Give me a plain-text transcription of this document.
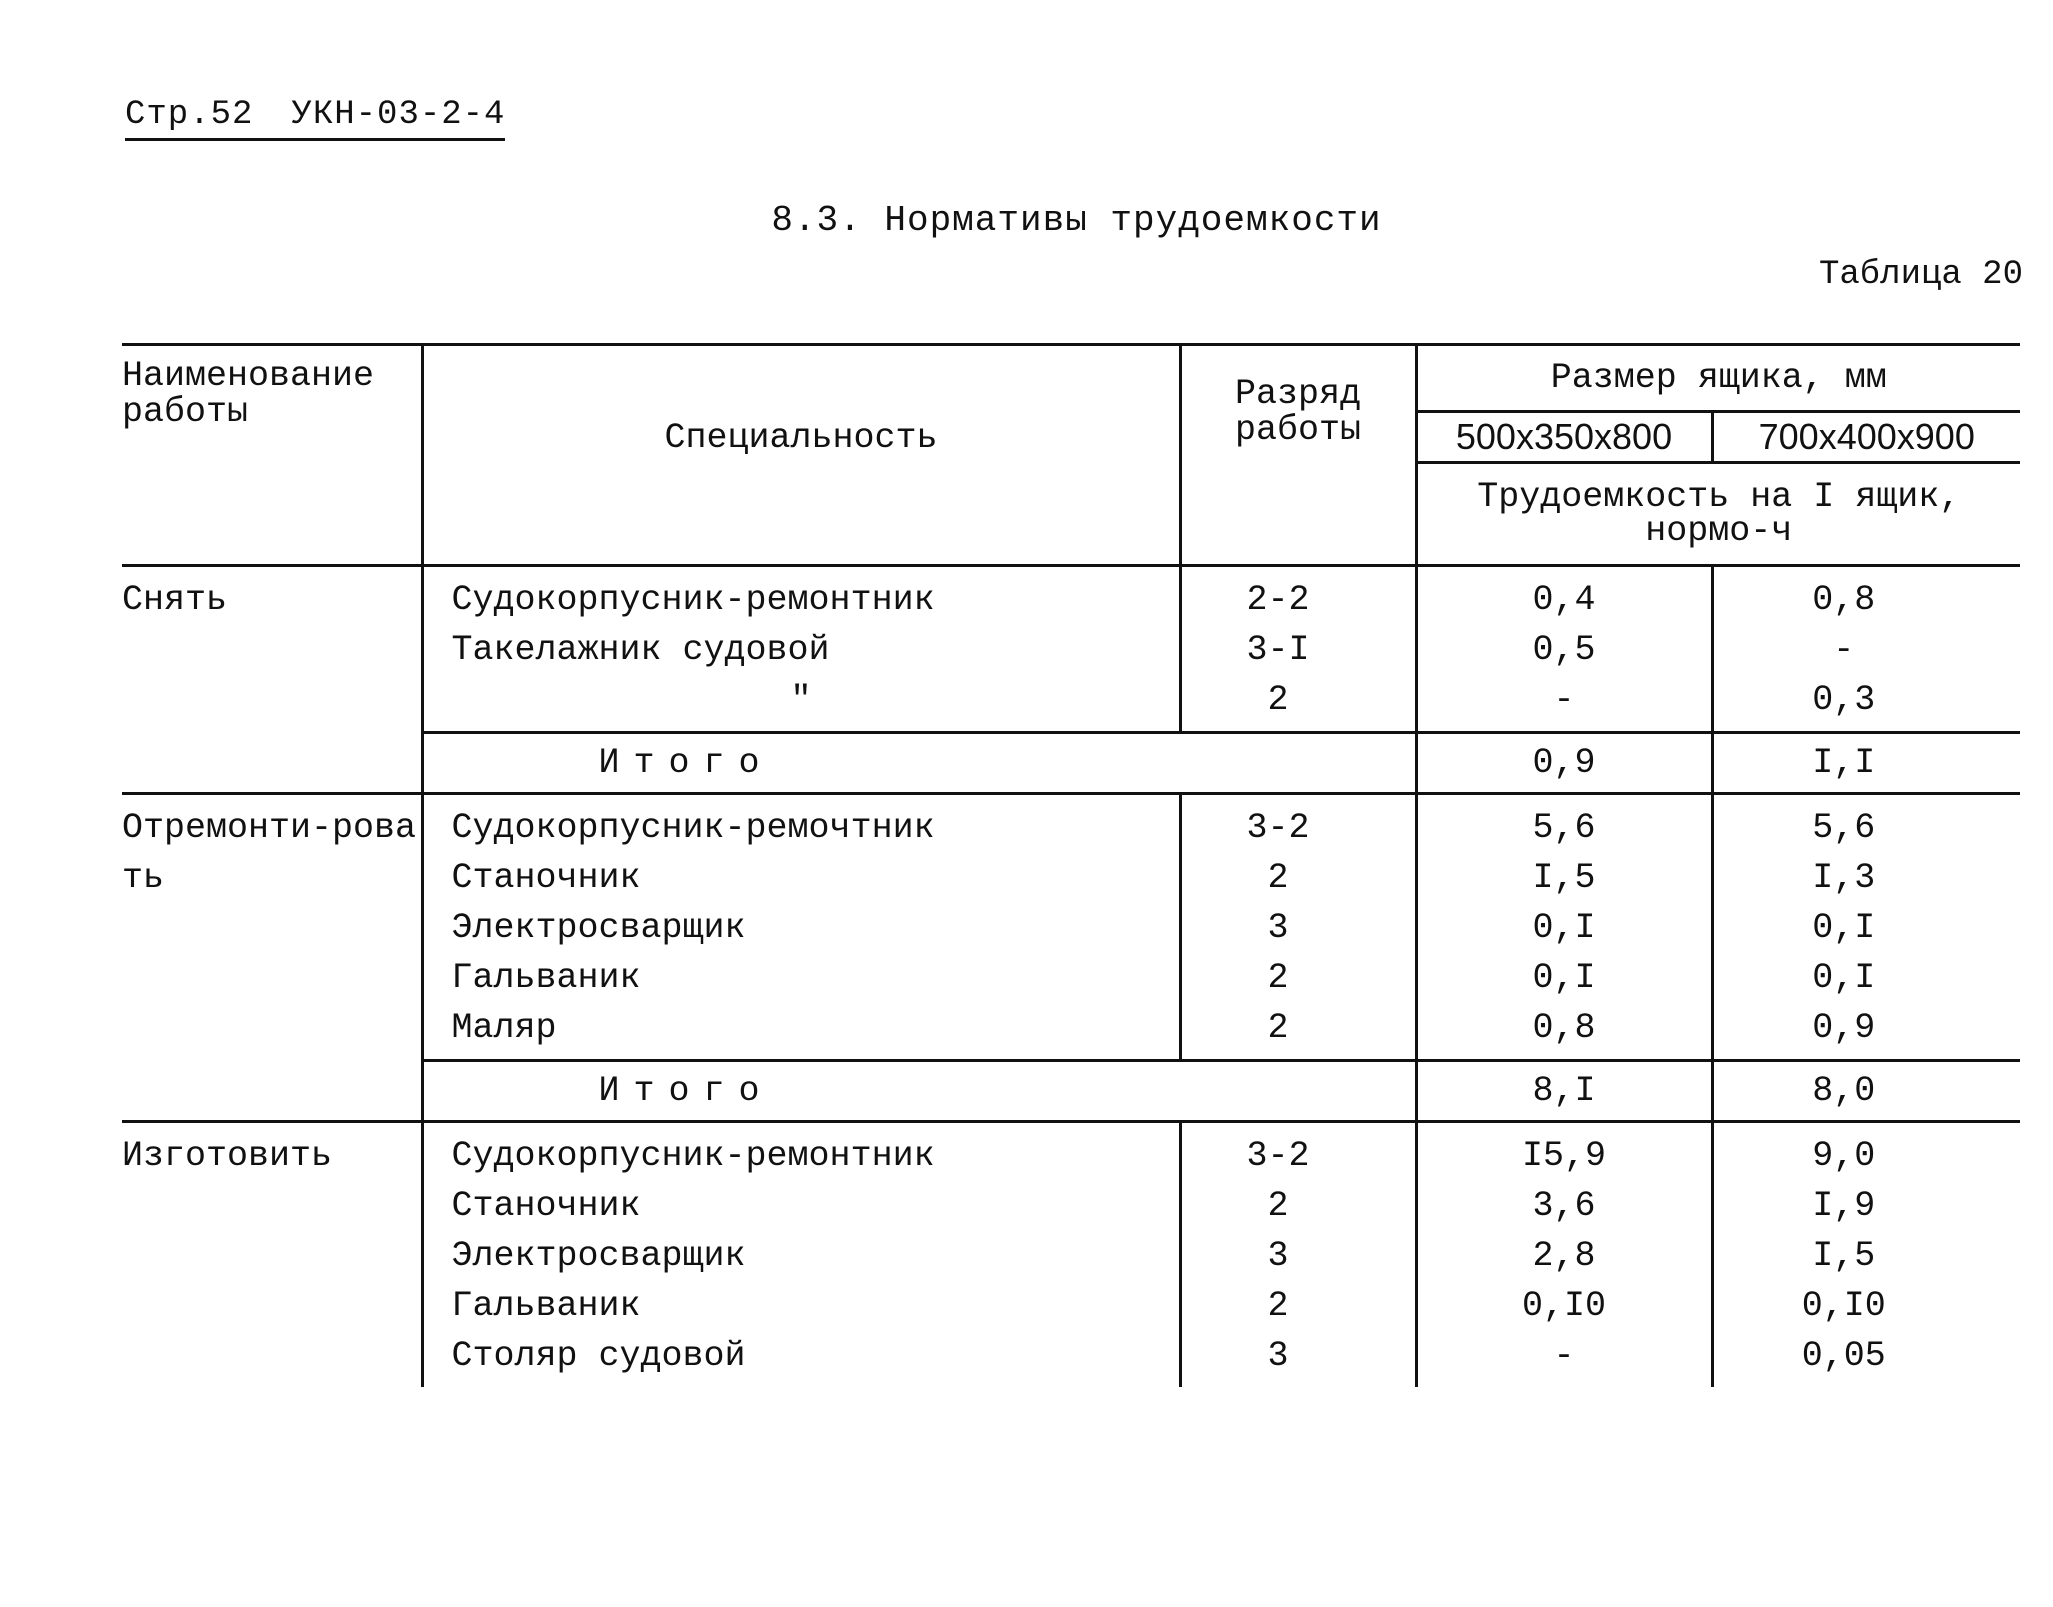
Стр.52 УКН-03-2-4
8.3. Нормативы трудоемкости
Таблица 20
Наименование работы	Специальность	Разряд работы	Размер ящика, мм	
			500x350x800	700x400x900
			Трудоемкость на I ящик, нормо-ч	
Снять	Судокорпусник-ремонтник	2-2	0,4	0,8
	Такелажник судовой	3-I	0,5	-
	"	2	-	0,3
	Итого		0,9	I,I
Отремонти-ровать	Судокорпусник-ремочтник	3-2	5,6	5,6
	Станочник	2	I,5	I,3
	Электросварщик	3	0,I	0,I
	Гальваник	2	0,I	0,I
	Маляр	2	0,8	0,9
	Итого		8,I	8,0
Изготовить	Судокорпусник-ремонтник	3-2	I5,9	9,0
	Станочник	2	3,6	I,9
	Электросварщик	3	2,8	I,5
	Гальваник	2	0,I0	0,I0
	Столяр судовой	3	-	0,05
